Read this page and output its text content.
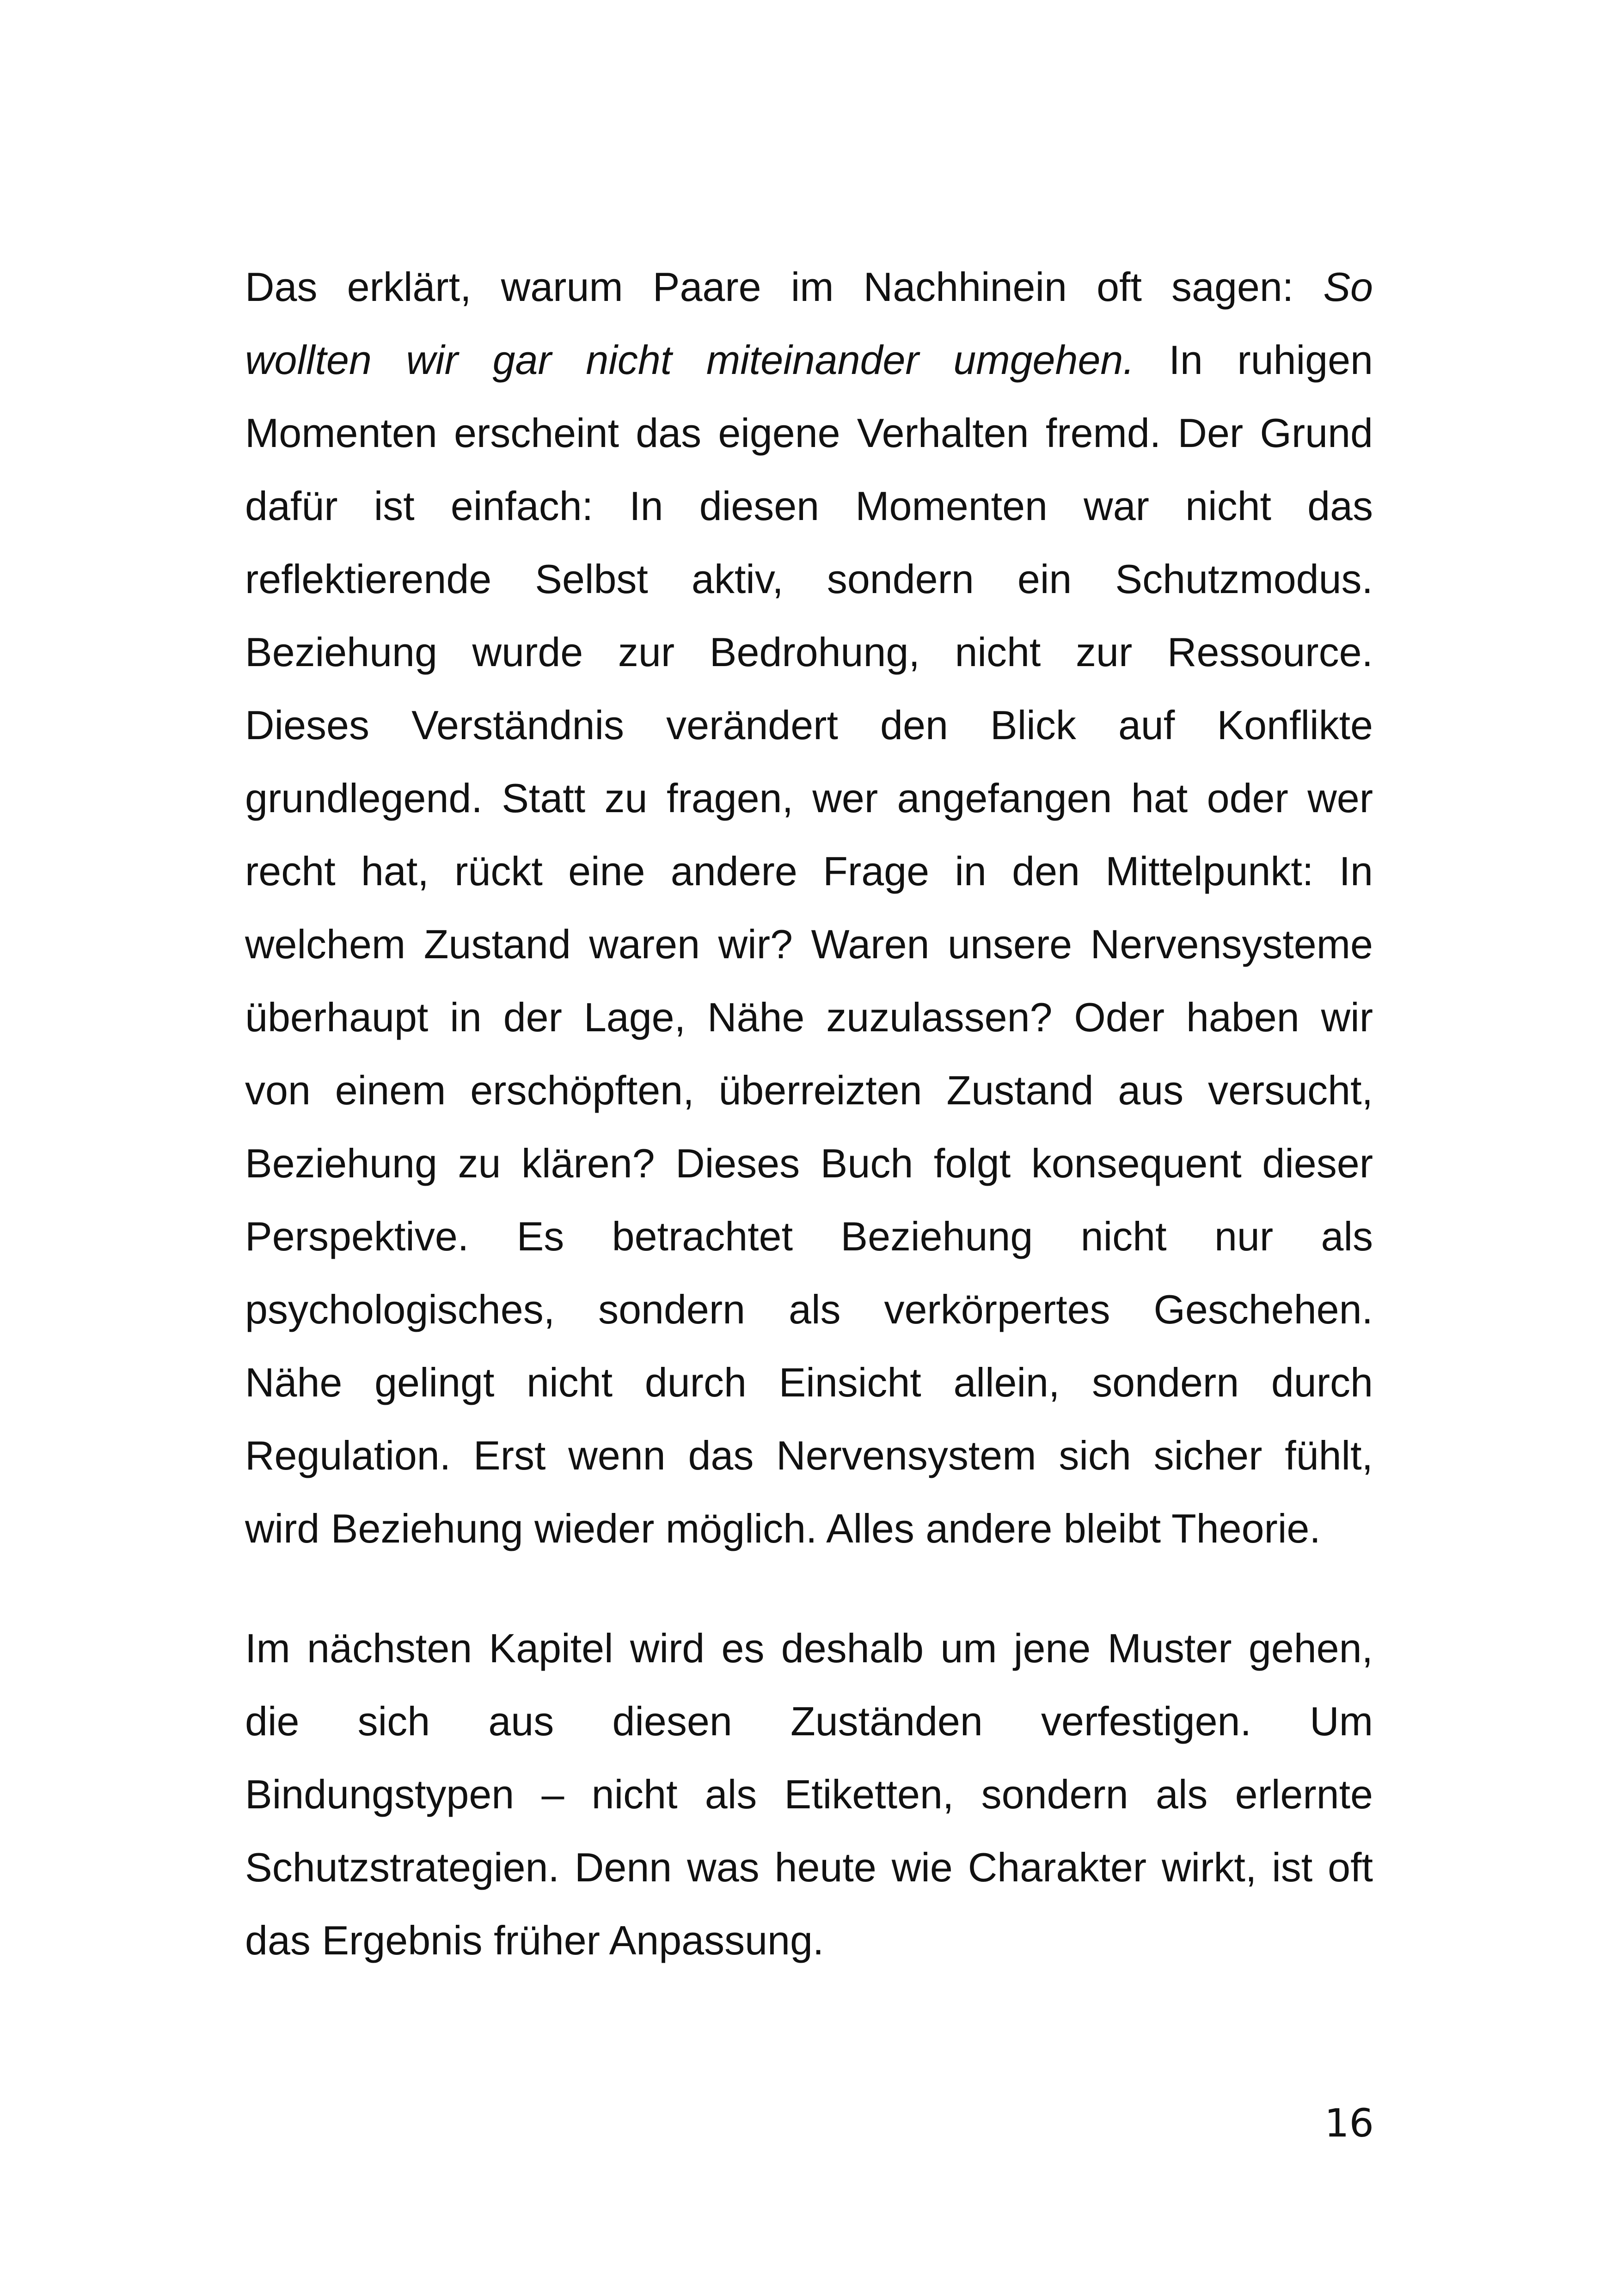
Das erklärt, warum Paare im Nachhinein oft sagen: So
wollten wir gar nicht miteinander umgehen. In ruhigen
Momenten erscheint das eigene Verhalten fremd. Der Grund
dafür ist einfach: In diesen Momenten war nicht das
reflektierende Selbst aktiv, sondern ein Schutzmodus.
Beziehung wurde zur Bedrohung, nicht zur Ressource.
Dieses Verständnis verändert den Blick auf Konflikte
grundlegend. Statt zu fragen, wer angefangen hat oder wer
recht hat, rückt eine andere Frage in den Mittelpunkt: In
welchem Zustand waren wir? Waren unsere Nervensysteme
überhaupt in der Lage, Nähe zuzulassen? Oder haben wir
von einem erschöpften, überreizten Zustand aus versucht,
Beziehung zu klären? Dieses Buch folgt konsequent dieser
Perspektive. Es betrachtet Beziehung nicht nur als
psychologisches, sondern als verkörpertes Geschehen.
Nähe gelingt nicht durch Einsicht allein, sondern durch
Regulation. Erst wenn das Nervensystem sich sicher fühlt,
wird Beziehung wieder möglich. Alles andere bleibt Theorie.
Im nächsten Kapitel wird es deshalb um jene Muster gehen,
die sich aus diesen Zuständen verfestigen. Um
Bindungstypen – nicht als Etiketten, sondern als erlernte
Schutzstrategien. Denn was heute wie Charakter wirkt, ist oft
das Ergebnis früher Anpassung.
16
